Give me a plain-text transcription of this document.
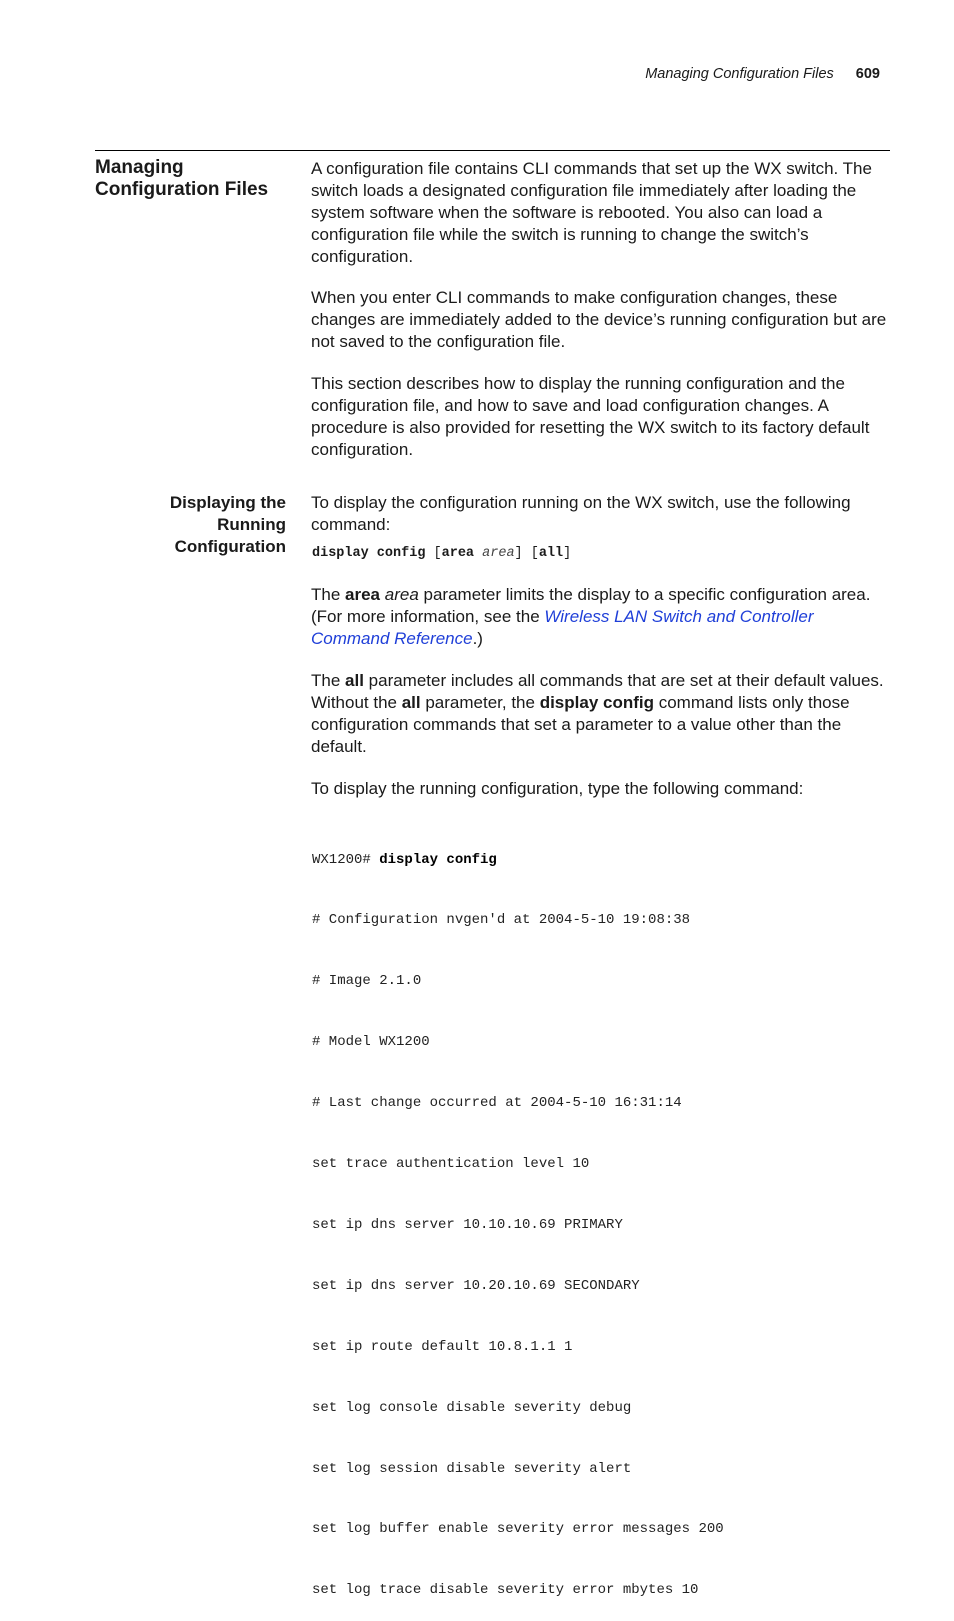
Managing Configuration Files 609
Managing
Configuration Files

A configuration file contains CLI commands that set up the WX switch. The switch loads a designated configuration file immediately after loading the system software when the software is rebooted. You also can load a configuration file while the switch is running to change the switch’s configuration.

When you enter CLI commands to make configuration changes, these changes are immediately added to the device’s running configuration but are not saved to the configuration file.

This section describes how to display the running configuration and the configuration file, and how to save and load configuration changes. A procedure is also provided for resetting the WX switch to its factory default configuration.

Displaying the
Running
Configuration

To display the configuration running on the WX switch, use the following command:

display config [area area] [all]

The area area parameter limits the display to a specific configuration area. (For more information, see the Wireless LAN Switch and Controller Command Reference.)

The all parameter includes all commands that are set at their default values. Without the all parameter, the display config command lists only those configuration commands that set a parameter to a value other than the default.

To display the running configuration, type the following command:

WX1200# display config

# Configuration nvgen'd at 2004-5-10 19:08:38

# Image 2.1.0

# Model WX1200

# Last change occurred at 2004-5-10 16:31:14

set trace authentication level 10

set ip dns server 10.10.10.69 PRIMARY

set ip dns server 10.20.10.69 SECONDARY

set ip route default 10.8.1.1 1

set log console disable severity debug

set log session disable severity alert

set log buffer enable severity error messages 200

set log trace disable severity error mbytes 10
